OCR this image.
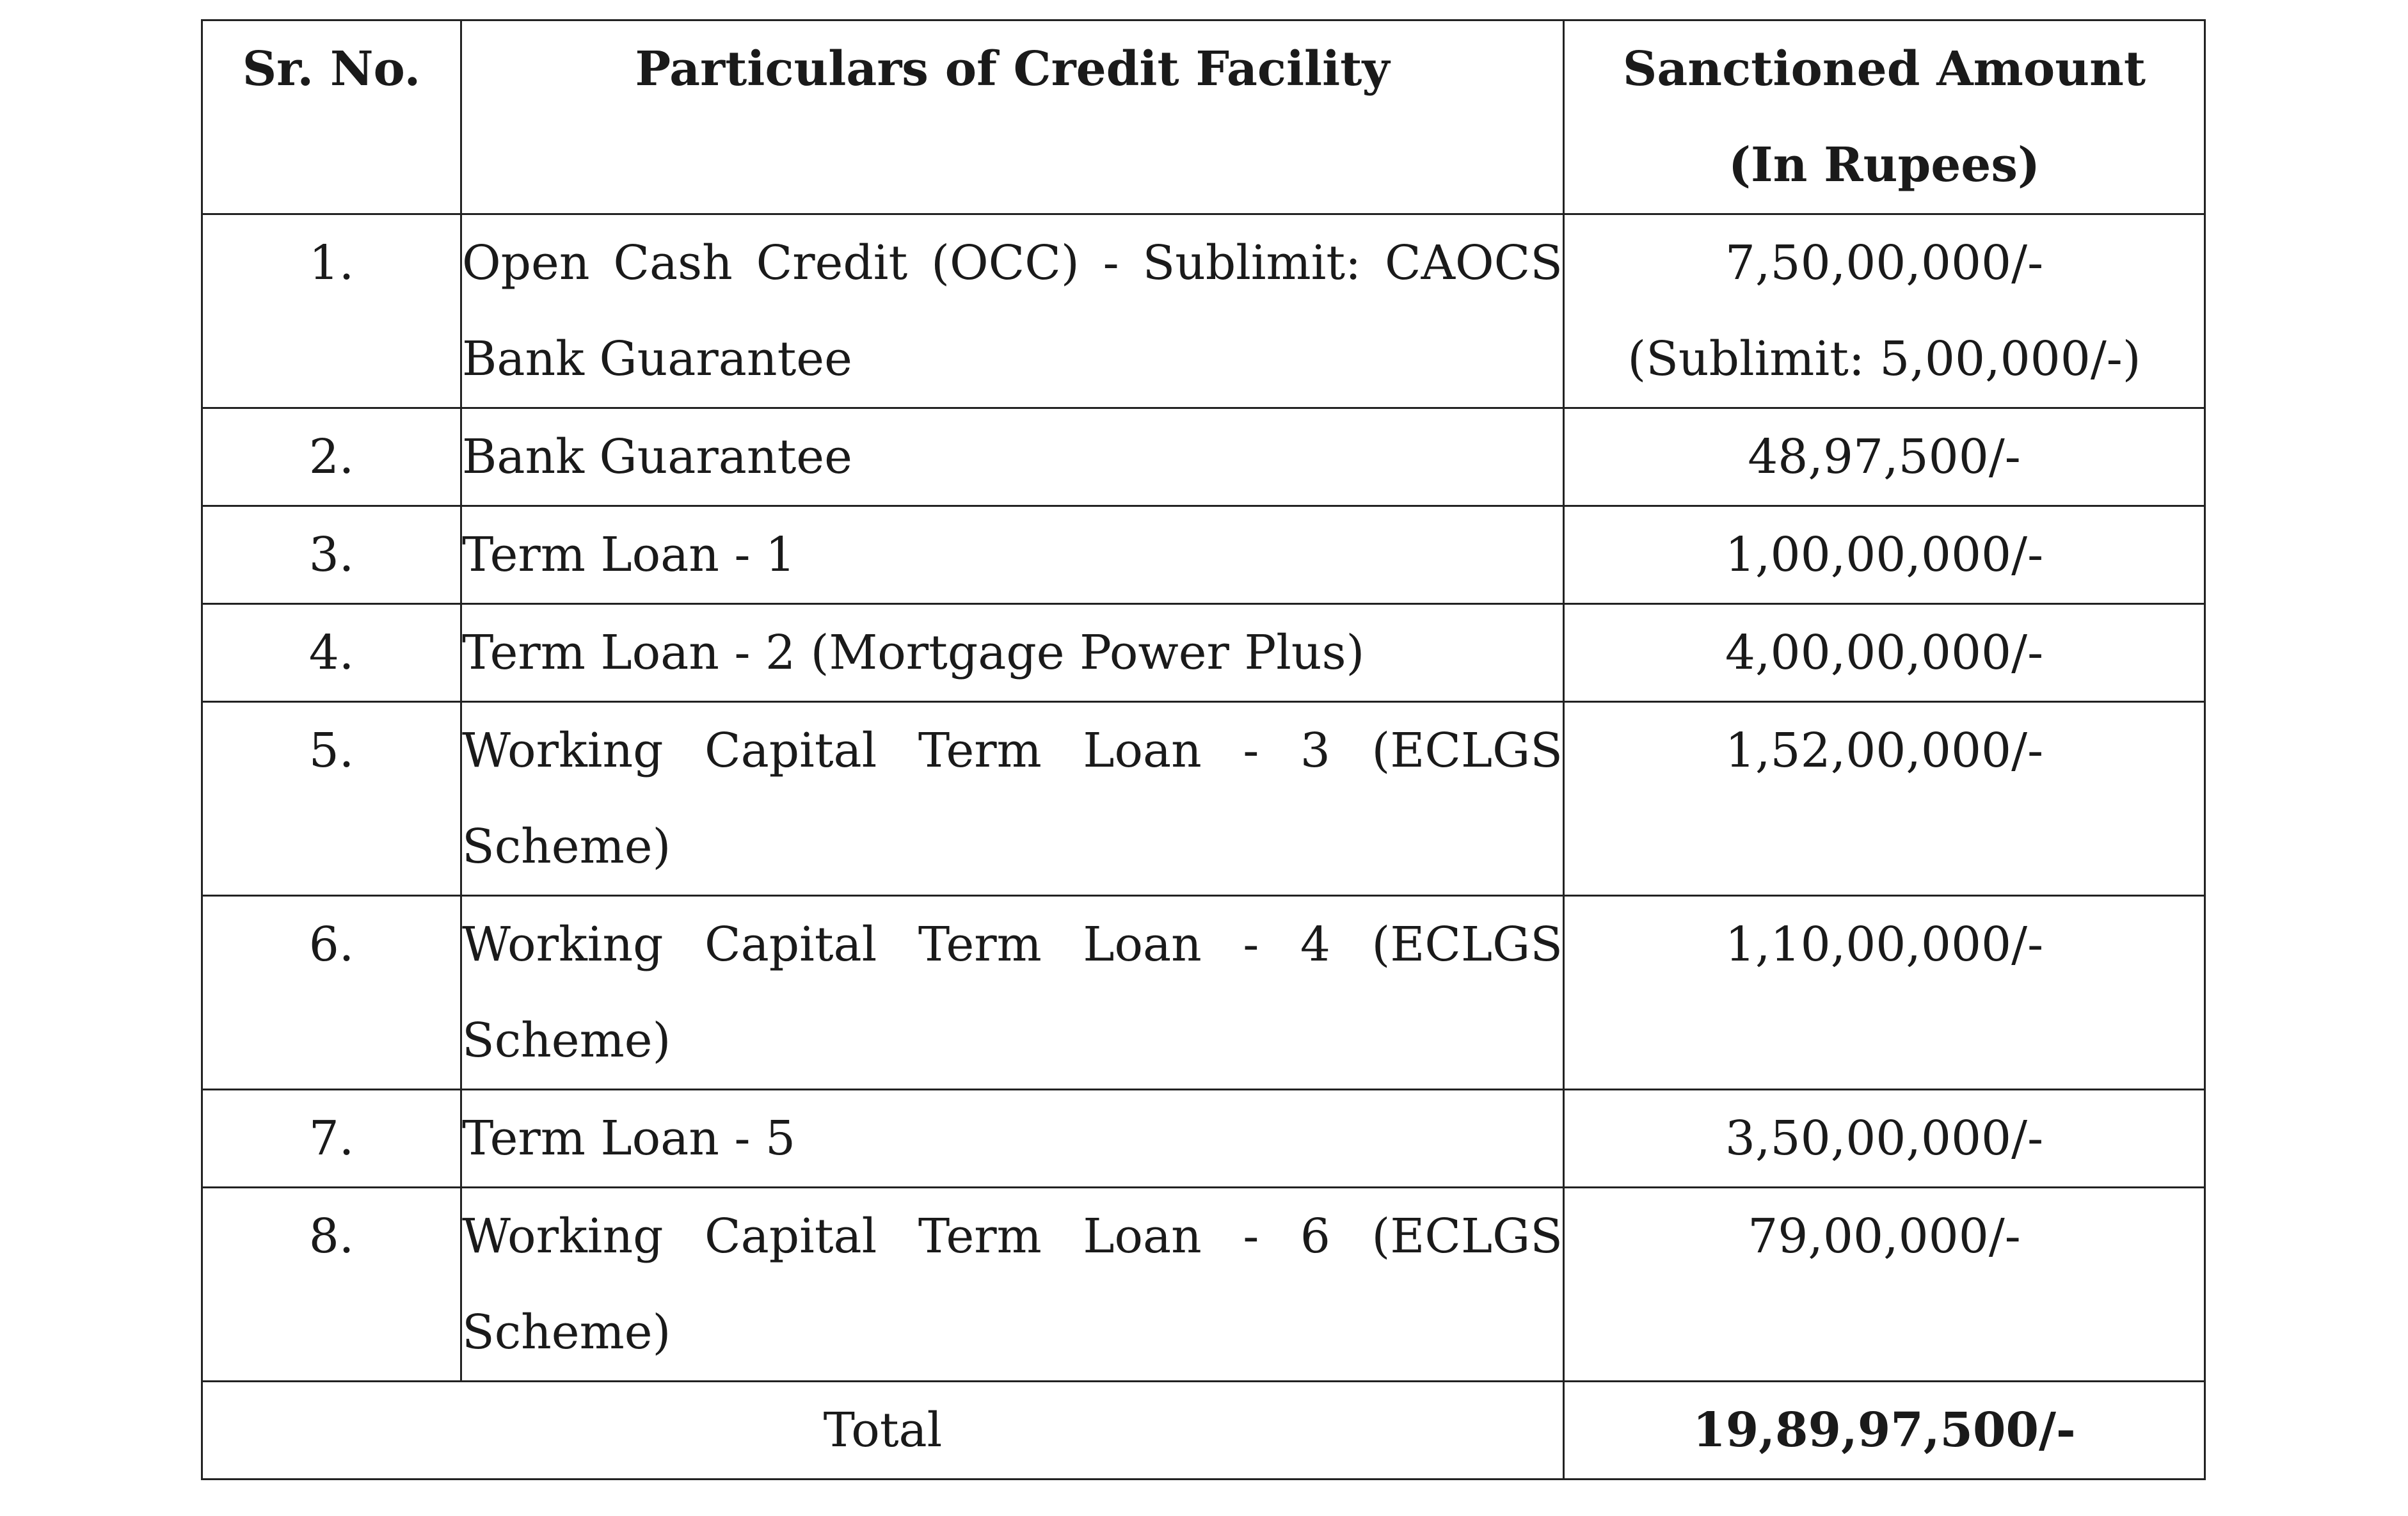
Sr. No.	Particulars of Credit Facility	Sanctioned Amount
(In Rupees)

1.	Open Cash Credit (OCC) - Sublimit: CAOCS Bank Guarantee	7,50,00,000/-
(Sublimit: 5,00,000/-)

2.	Bank Guarantee	48,97,500/-
3.	Term Loan - 1	1,00,00,000/-
4.	Term Loan - 2 (Mortgage Power Plus)	4,00,00,000/-
5.	Working Capital Term Loan - 3 (ECLGS Scheme)	1,52,00,000/-
6.	Working Capital Term Loan - 4 (ECLGS Scheme)	1,10,00,000/-
7.	Term Loan - 5	3,50,00,000/-
8.	Working Capital Term Loan - 6 (ECLGS Scheme)	79,00,000/-
Total		19,89,97,500/-
